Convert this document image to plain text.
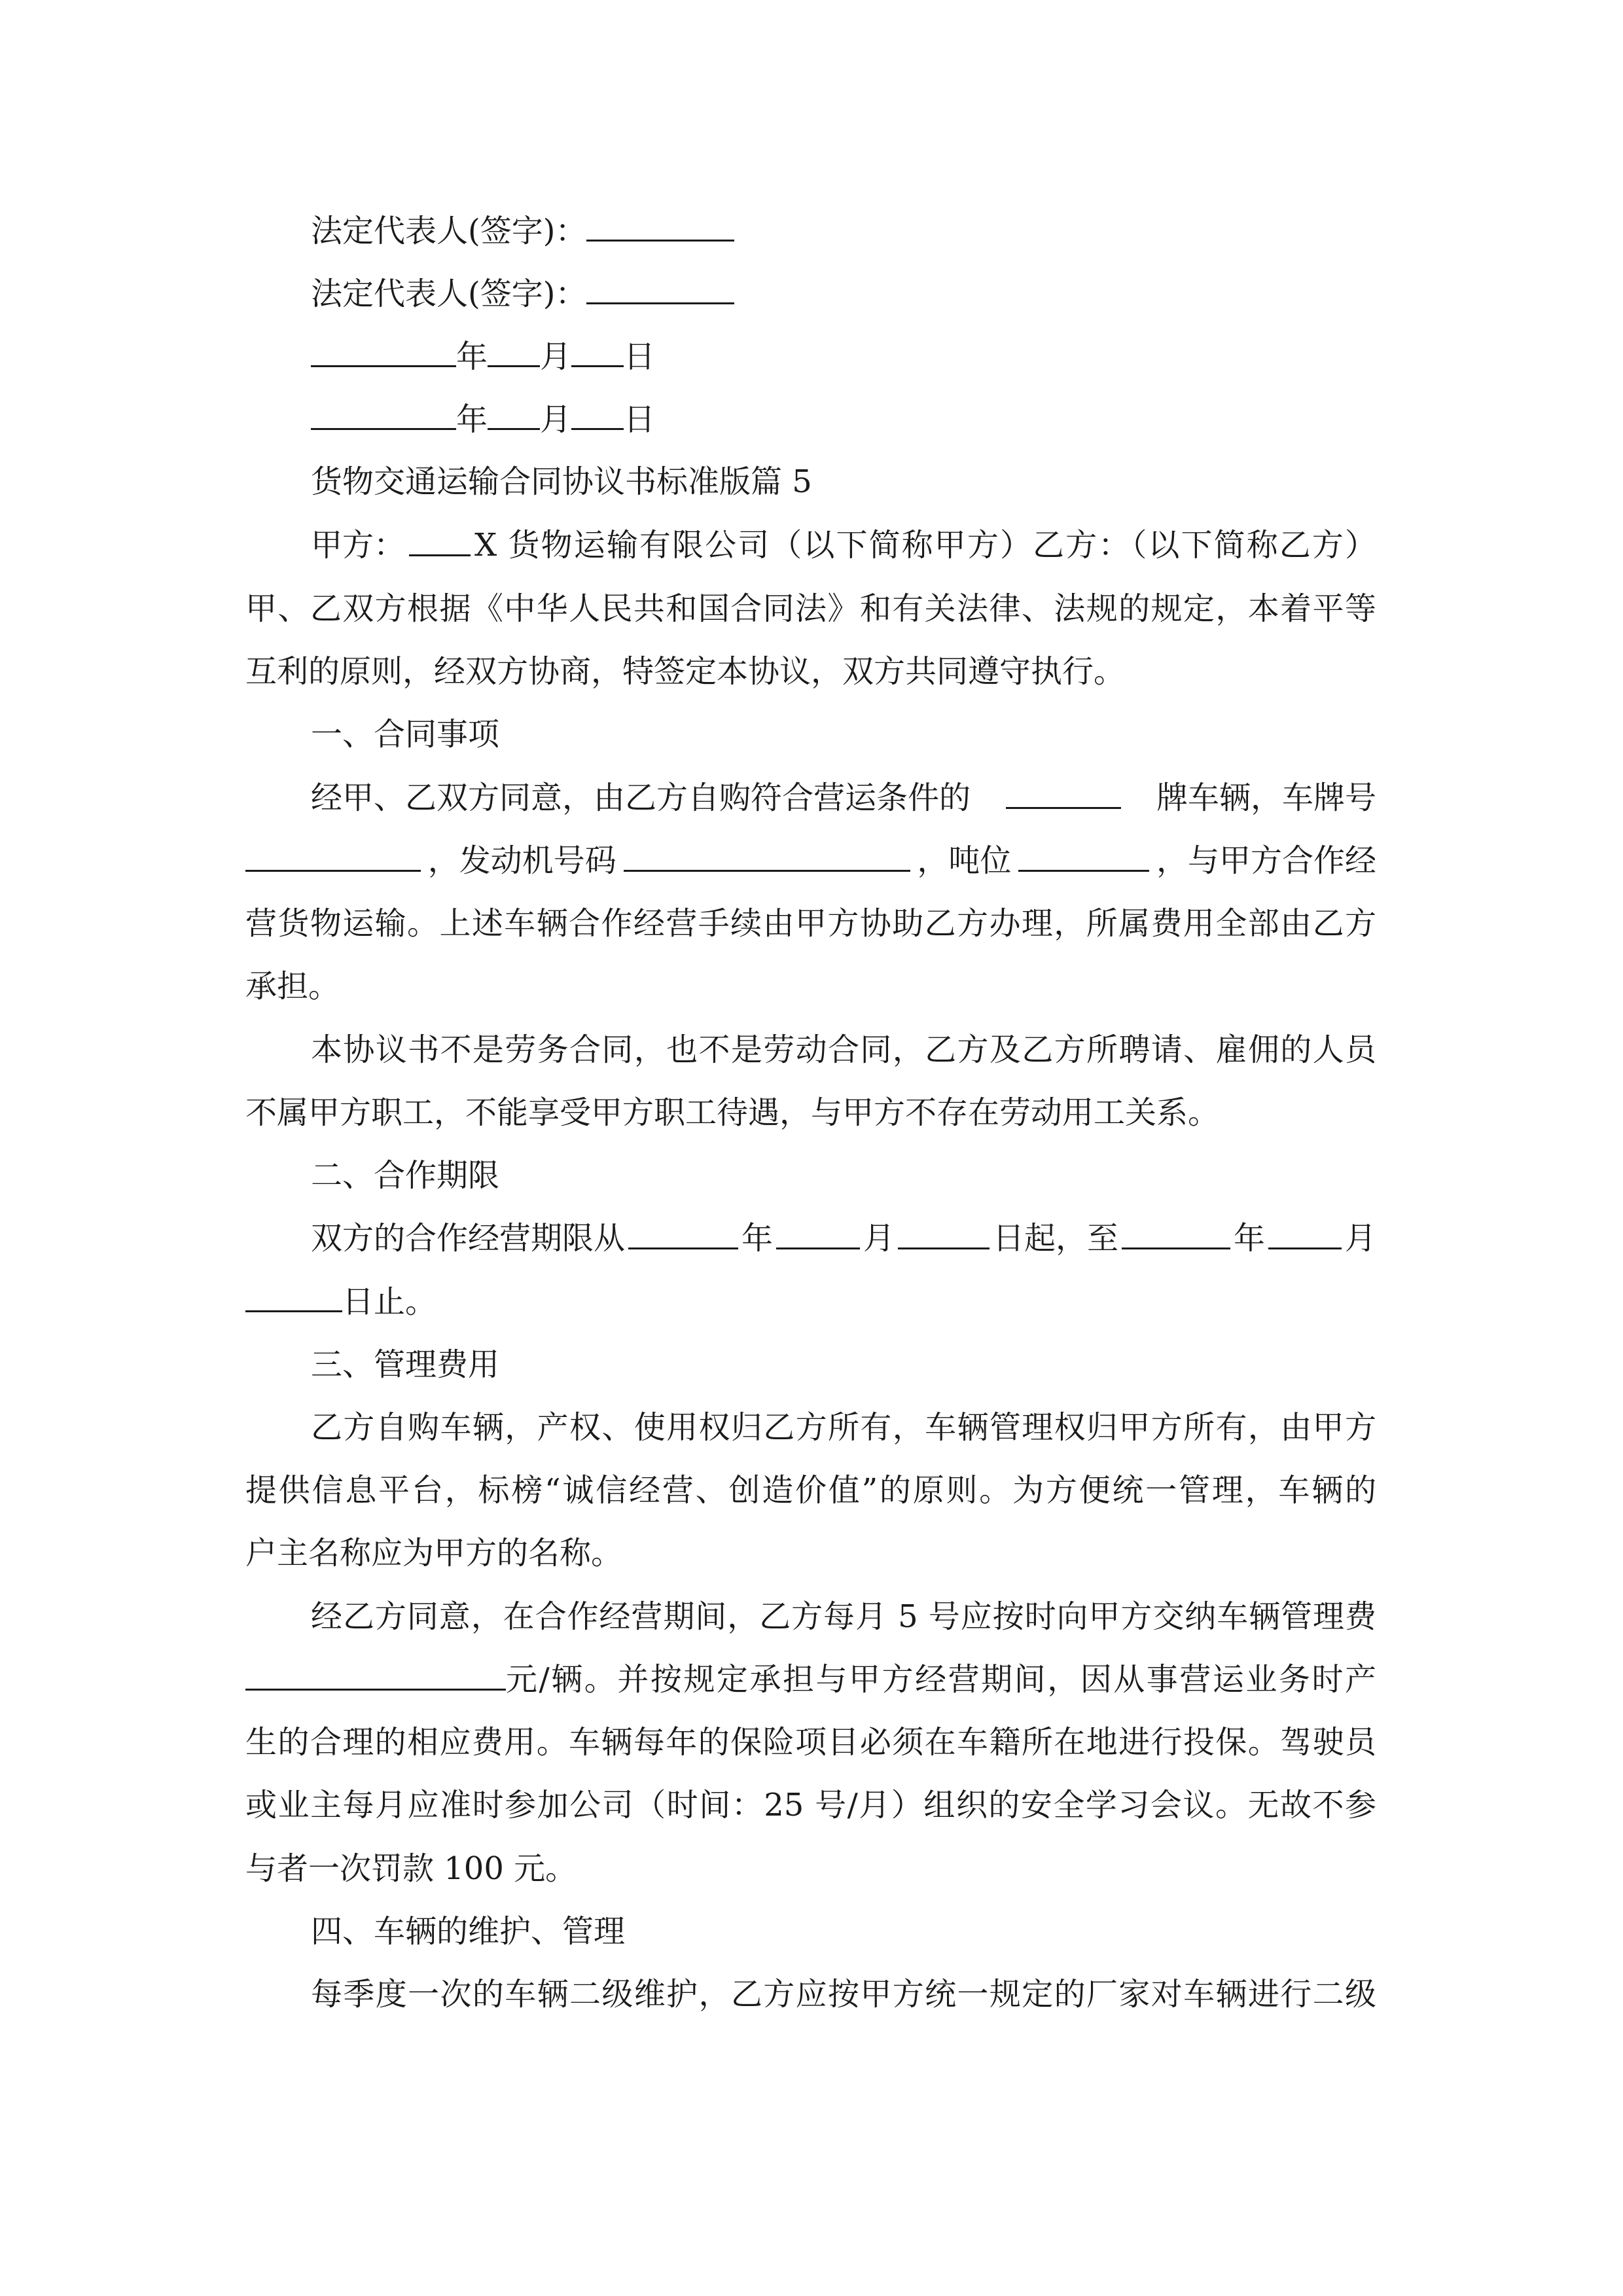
法定代表人(签字)：
法定代表人(签字)：
年 月 日
年 月 日
货物交通运输合同协议书标准版篇 5
甲方： X 货物运输有限公司（以下简称甲方）乙方：（以下简称乙方）
甲、乙双方根据《中华人民共和国合同法》和有关法律、法规的规定，本着平等
互利的原则，经双方协商，特签定本协议，双方共同遵守执行。
一、合同事项
经甲、乙双方同意，由乙方自购符合营运条件的	牌车辆，车牌号
，发动机号码	，吨位	，与甲方合作经
营货物运输。上述车辆合作经营手续由甲方协助乙方办理，所属费用全部由乙方
承担。
本协议书不是劳务合同，也不是劳动合同，乙方及乙方所聘请、雇佣的人员
不属甲方职工，不能享受甲方职工待遇，与甲方不存在劳动用工关系。
二、合作期限
双方的合作经营期限从	年	月	日起，至	年	月
日止。
三、管理费用
乙方自购车辆，产权、使用权归乙方所有，车辆管理权归甲方所有，由甲方
提供信息平台，标榜“诚信经营、创造价值”的原则。为方便统一管理，车辆的
户主名称应为甲方的名称。
经乙方同意，在合作经营期间，乙方每月 5 号应按时向甲方交纳车辆管理费
元/辆。并按规定承担与甲方经营期间，因从事营运业务时产
生的合理的相应费用。车辆每年的保险项目必须在车籍所在地进行投保。驾驶员
或业主每月应准时参加公司（时间：25 号/月）组织的安全学习会议。无故不参
与者一次罚款 100 元。
四、车辆的维护、管理
每季度一次的车辆二级维护，乙方应按甲方统一规定的厂家对车辆进行二级
